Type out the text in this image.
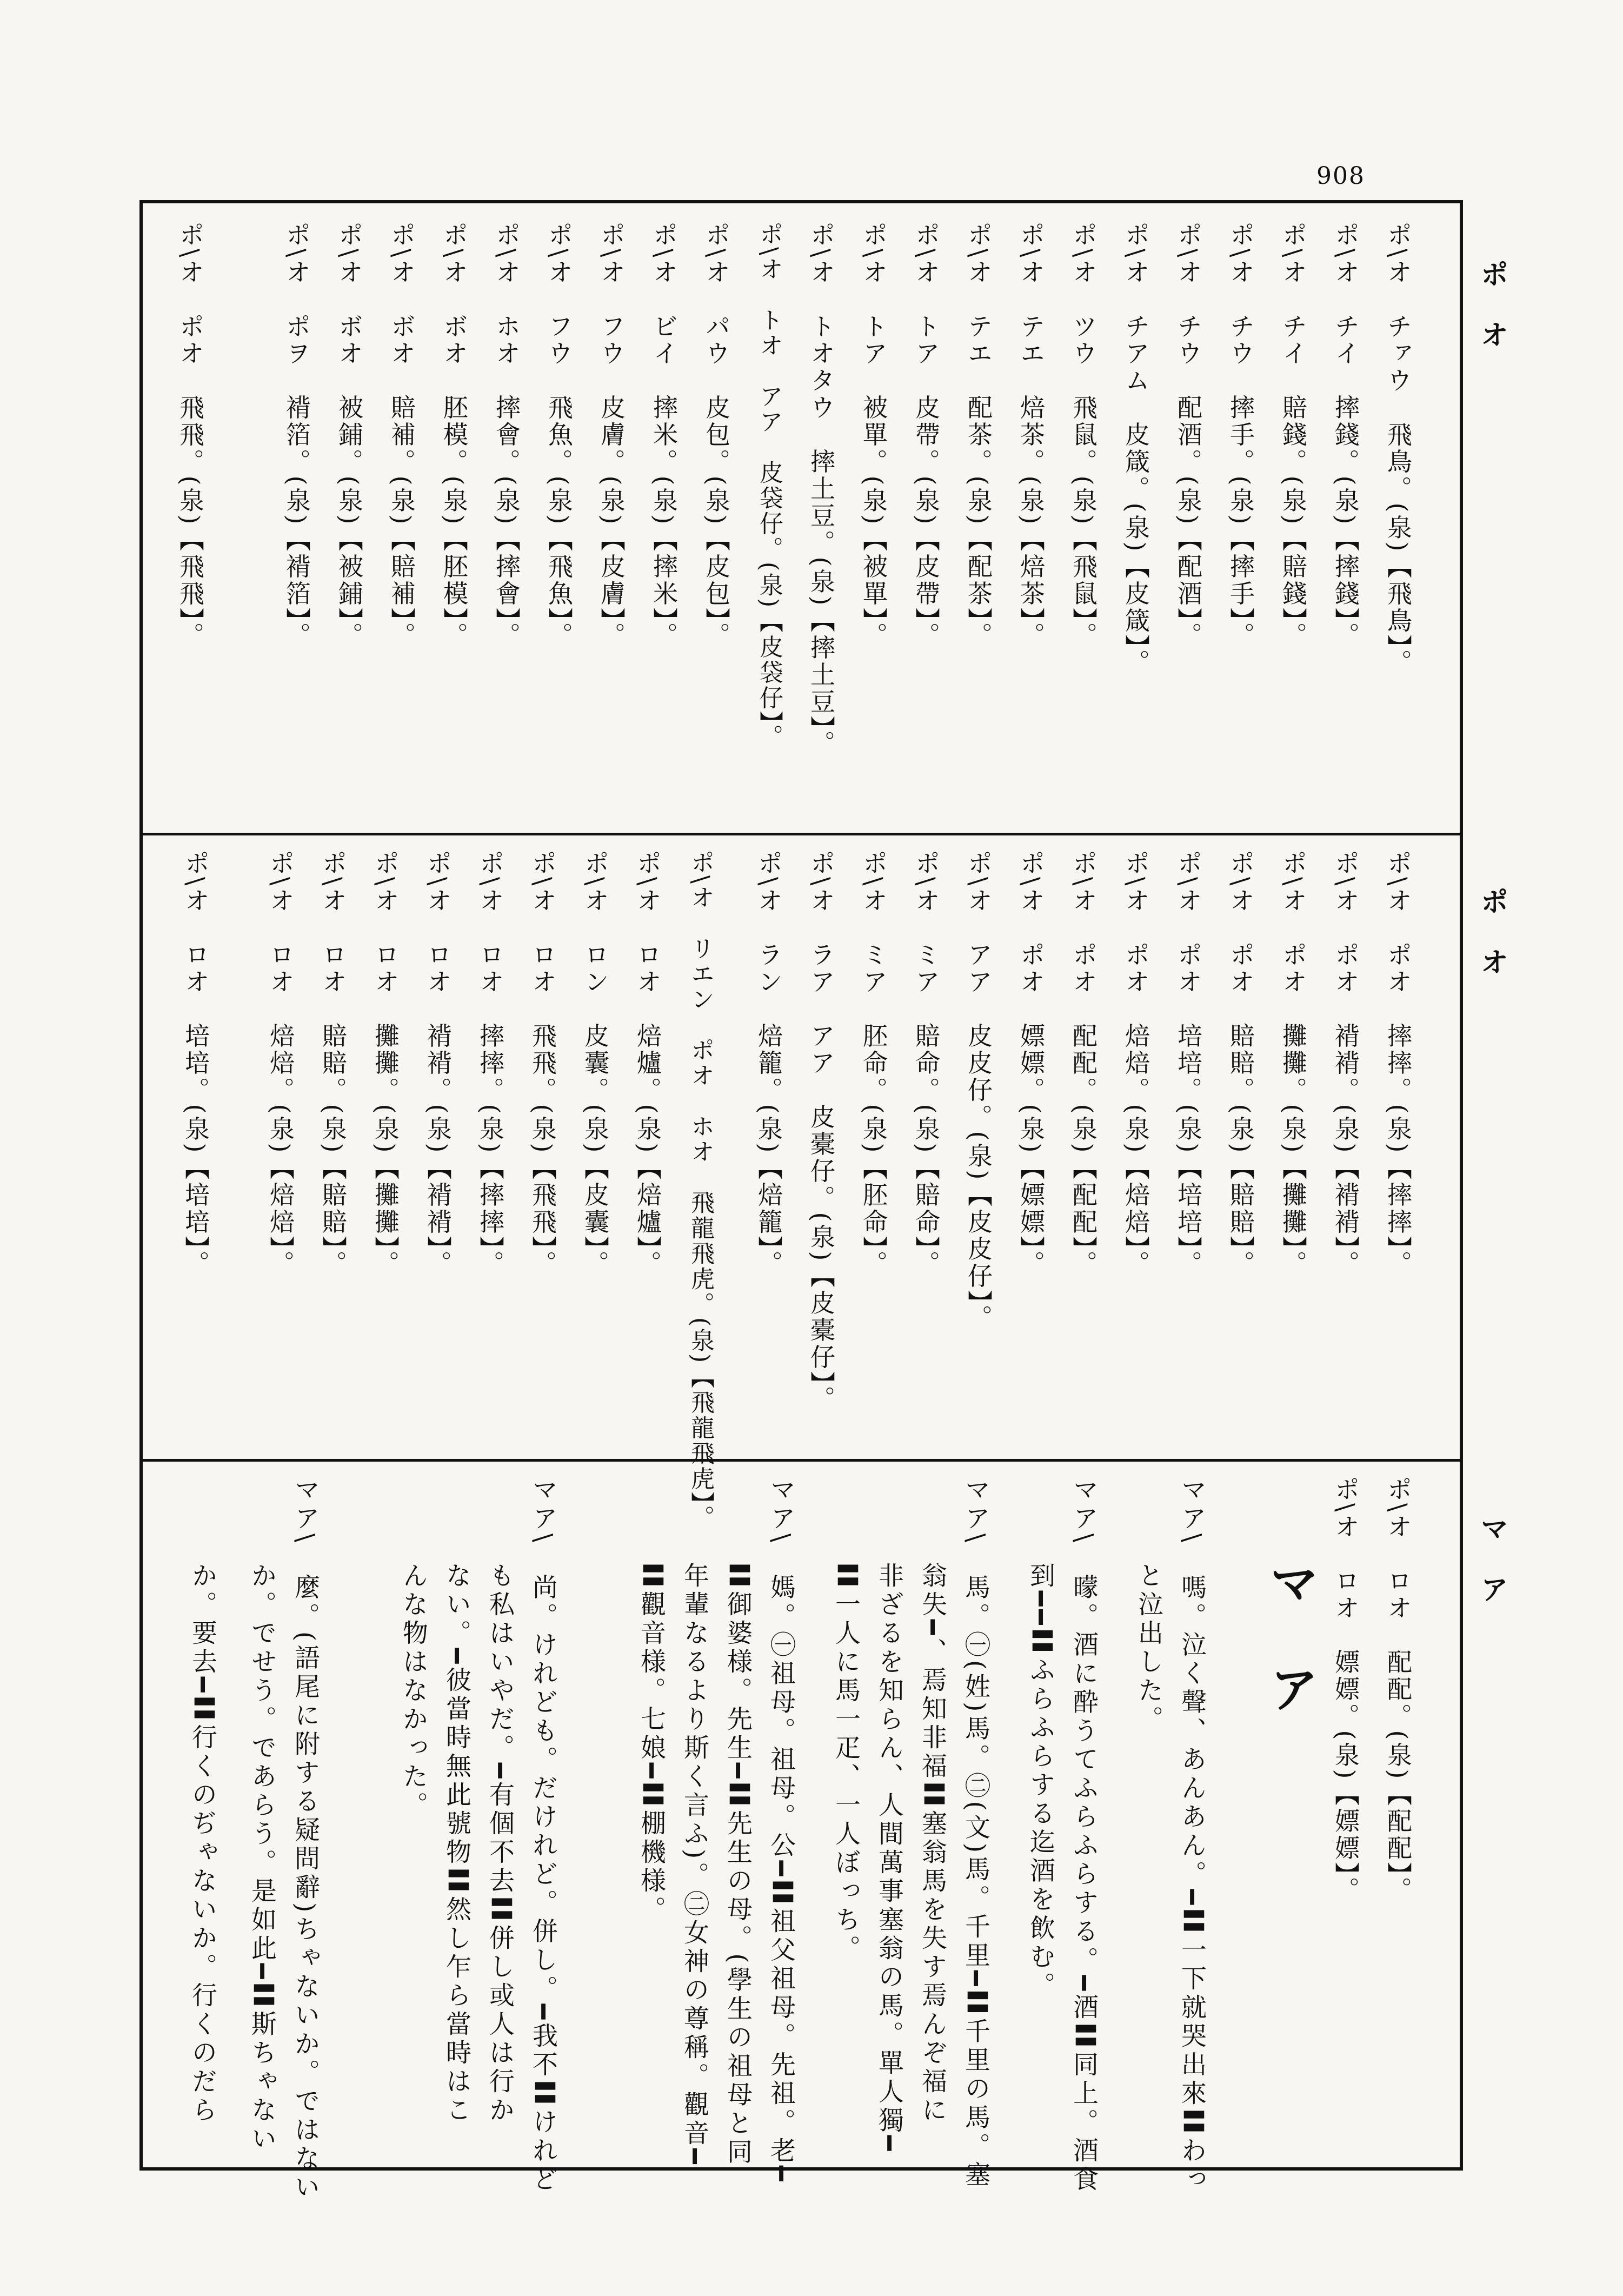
908
ポオ
ポオ
マア
ポ\オ　チァウ　飛鳥。(泉)【飛鳥】。
ポ\オ　チイ　摔錢。(泉)【摔錢】。
ポ\オ　チイ　賠錢。(泉)【賠錢】。
ポ\オ　チウ　摔手。(泉)【摔手】。
ポ\オ　チウ　配酒。(泉)【配酒】。
ポ\オ　チアム　皮箴。(泉)【皮箴】。
ポ\オ　ツウ　飛鼠。(泉)【飛鼠】。
ポ\オ　テエ　焙茶。(泉)【焙茶】。
ポ\オ　テエ　配茶。(泉)【配茶】。
ポ\オ　トア　皮帶。(泉)【皮帶】。
ポ\オ　トア　被單。(泉)【被單】。
ポ\オ　トオタウ　摔土豆。(泉)【摔土豆】。
ポ\オ　トオ　アア　皮袋仔。(泉)【皮袋仔】。
ポ\オ　パウ　皮包。(泉)【皮包】。
ポ\オ　ビイ　摔米。(泉)【摔米】。
ポ\オ　フウ　皮膚。(泉)【皮膚】。
ポ\オ　フウ　飛魚。(泉)【飛魚】。
ポ\オ　ホオ　摔會。(泉)【摔會】。
ポ\オ　ボオ　胚模。(泉)【胚模】。
ポ\オ　ボオ　賠補。(泉)【賠補】。
ポ\オ　ボオ　被鋪。(泉)【被鋪】。
ポ\オ　ポヲ　褙箔。(泉)【褙箔】。
ポ\オ　ポオ　飛飛。(泉)【飛飛】。
ポ\オ　ポオ　摔摔。(泉)【摔摔】。
ポ\オ　ポオ　褙褙。(泉)【褙褙】。
ポ\オ　ポオ　攤攤。(泉)【攤攤】。
ポ\オ　ポオ　賠賠。(泉)【賠賠】。
ポ\オ　ポオ　培培。(泉)【培培】。
ポ\オ　ポオ　焙焙。(泉)【焙焙】。
ポ\オ　ポオ　配配。(泉)【配配】。
ポ\オ　ポオ　嫖嫖。(泉)【嫖嫖】。
ポ\オ　アア　皮皮仔。(泉)【皮皮仔】。
ポ\オ　ミア　賠命。(泉)【賠命】。
ポ\オ　ミア　胚命。(泉)【胚命】。
ポ\オ　ラア　アア　皮橐仔。(泉)【皮橐仔】。
ポ\オ　ラン　焙籠。(泉)【焙籠】。
ポ\オ　リエン　ポオ　ホオ　飛龍飛虎。(泉)【飛龍飛虎】。
ポ\オ　ロオ　焙爐。(泉)【焙爐】。
ポ\オ　ロン　皮囊。(泉)【皮囊】。
ポ\オ　ロオ　飛飛。(泉)【飛飛】。
ポ\オ　ロオ　摔摔。(泉)【摔摔】。
ポ\オ　ロオ　褙褙。(泉)【褙褙】。
ポ\オ　ロオ　攤攤。(泉)【攤攤】。
ポ\オ　ロオ　賠賠。(泉)【賠賠】。
ポ\オ　ロオ　焙焙。(泉)【焙焙】。
ポ\オ　ロオ　培培。(泉)【培培】。
ポ\オ　ロオ　配配。(泉)【配配】。
ポ\オ　ロオ　嫖嫖。(泉)【嫖嫖】。
マ ア
マア\　嗎。泣く聲、あんあん。━〓一下就哭出來〓わっ
　　　と泣出した。
マア\　曚。酒に酔うてふらふらする。━酒〓同上。酒食
　　　到━━〓ふらふらする迄酒を飲む。
マア\　馬。㊀(姓)馬。㊁(文)馬。千里━〓千里の馬。塞
　　　翁失━、焉知非福〓塞翁馬を失す焉んぞ福に
　　　非ざるを知らん、人間萬事塞翁の馬。單人獨━
　　　〓一人に馬一疋、一人ぼっち。
マア\　媽。㊀祖母。祖母。公━〓祖父祖母。先祖。老━
　　　〓御婆様。先生━〓先生の母。(學生の祖母と同
　　　年輩なるより斯く言ふ)。㊁女神の尊稱。觀音━
　　　〓觀音様。七娘━〓棚機様。
マア\　尚。けれども。だけれど。併し。━我不〓けれど
　　　も私はいやだ。━有個不去〓併し或人は行か
　　　ない。━彼當時無此號物〓然し乍ら當時はこ
　　　んな物はなかった。
マア\　麼。(語尾に附する疑問辭)ちゃないか。ではない
　　　か。でせう。であらう。是如此━〓斯ちゃない
　　　か。要去━〓行くのぢゃないか。行くのだら
